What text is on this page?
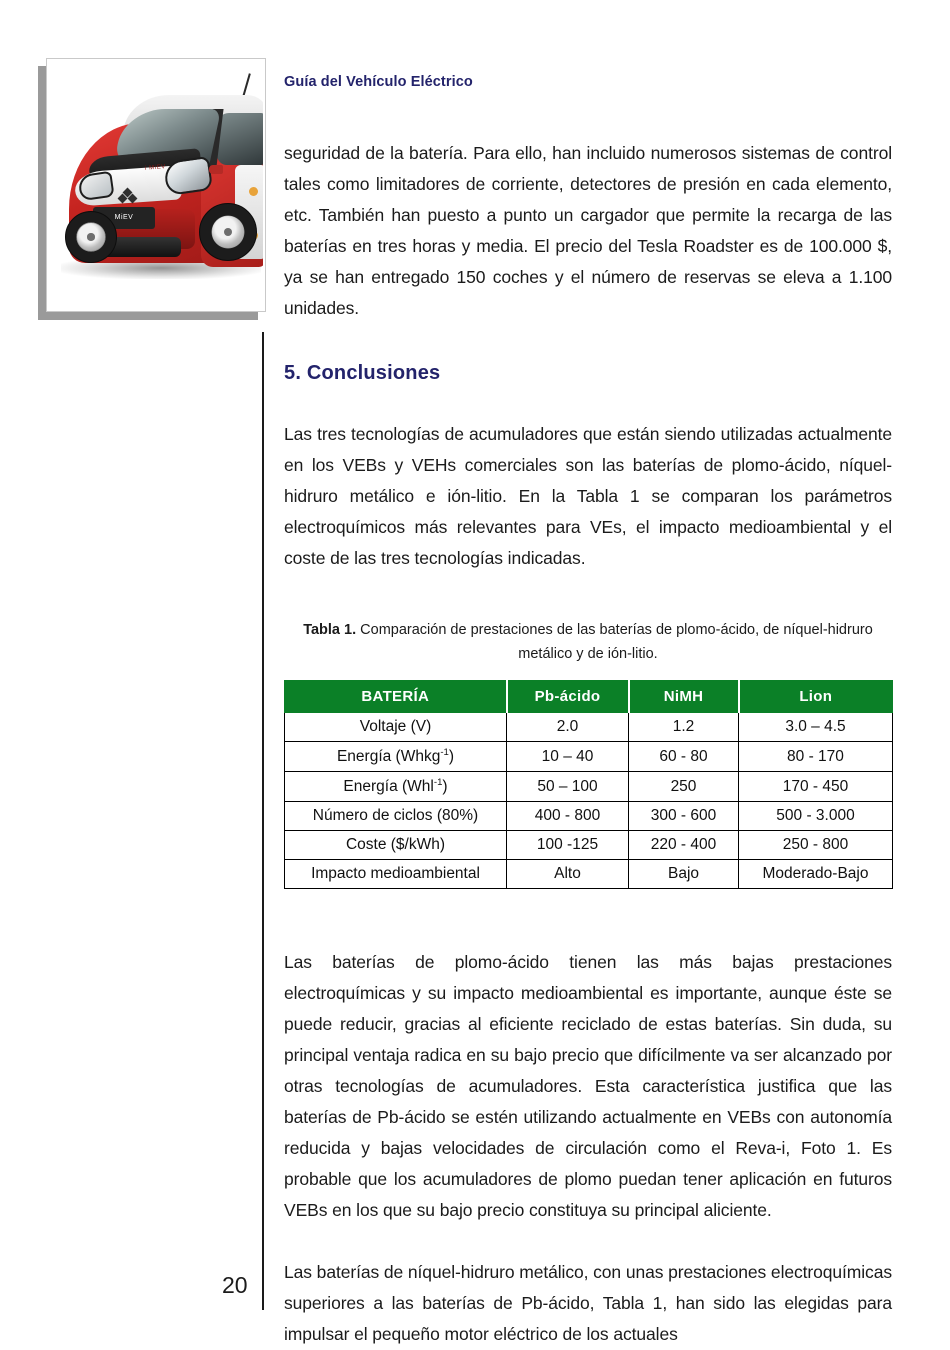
i MiEV
MiEV
Guía del Vehículo Eléctrico

seguridad de la batería. Para ello, han incluido numerosos sistemas de control tales como limitadores de corriente, detectores de presión en cada elemento, etc. También han puesto a punto un cargador que permite la recarga de las baterías en tres horas y media. El precio del Tesla Roadster es de 100.000 $, ya se han entregado 150 coches y el número de reservas se eleva a 1.100 unidades.

5. Conclusiones

Las tres tecnologías de acumuladores que están siendo utilizadas actualmente en los VEBs y VEHs comerciales son las baterías de plomo-ácido, níquel-hidruro metálico e ión-litio. En la Tabla 1 se comparan los parámetros electroquímicos más relevantes para VEs, el impacto medioambiental y el coste de las tres tecnologías indicadas.

Tabla 1. Comparación de prestaciones de las baterías de plomo-ácido, de níquel-hidruro metálico y de ión-litio.
BATERÍA	Pb-ácido	NiMH	Lion
Voltaje (V)	2.0	1.2	3.0 – 4.5
Energía (Whkg$^{-1}$)	10 – 40	60 - 80	80 - 170
Energía (Whl$^{-1}$)	50 – 100	250	170 - 450
Número de ciclos (80%)	400 - 800	300 - 600	500 - 3.000
Coste ($/kWh)	100 -125	220 - 400	250 - 800
Impacto medioambiental	Alto	Bajo	Moderado-Bajo

Las baterías de plomo-ácido tienen las más bajas prestaciones electroquímicas y su impacto medioambiental es importante, aunque éste se puede reducir, gracias al eficiente reciclado de estas baterías. Sin duda, su principal ventaja radica en su bajo precio que difícilmente va ser alcanzado por otras tecnologías de acumuladores. Esta característica justifica que las baterías de Pb-ácido se estén utilizando actualmente en VEBs con autonomía reducida y bajas velocidades de circulación como el Reva-i, Foto 1. Es probable que los acumuladores de plomo puedan tener aplicación en futuros VEBs en los que su bajo precio constituya su principal aliciente.

Las baterías de níquel-hidruro metálico, con unas prestaciones electroquímicas superiores a las baterías de Pb-ácido, Tabla 1, han sido las elegidas para impulsar el pequeño motor eléctrico de los actuales

20
